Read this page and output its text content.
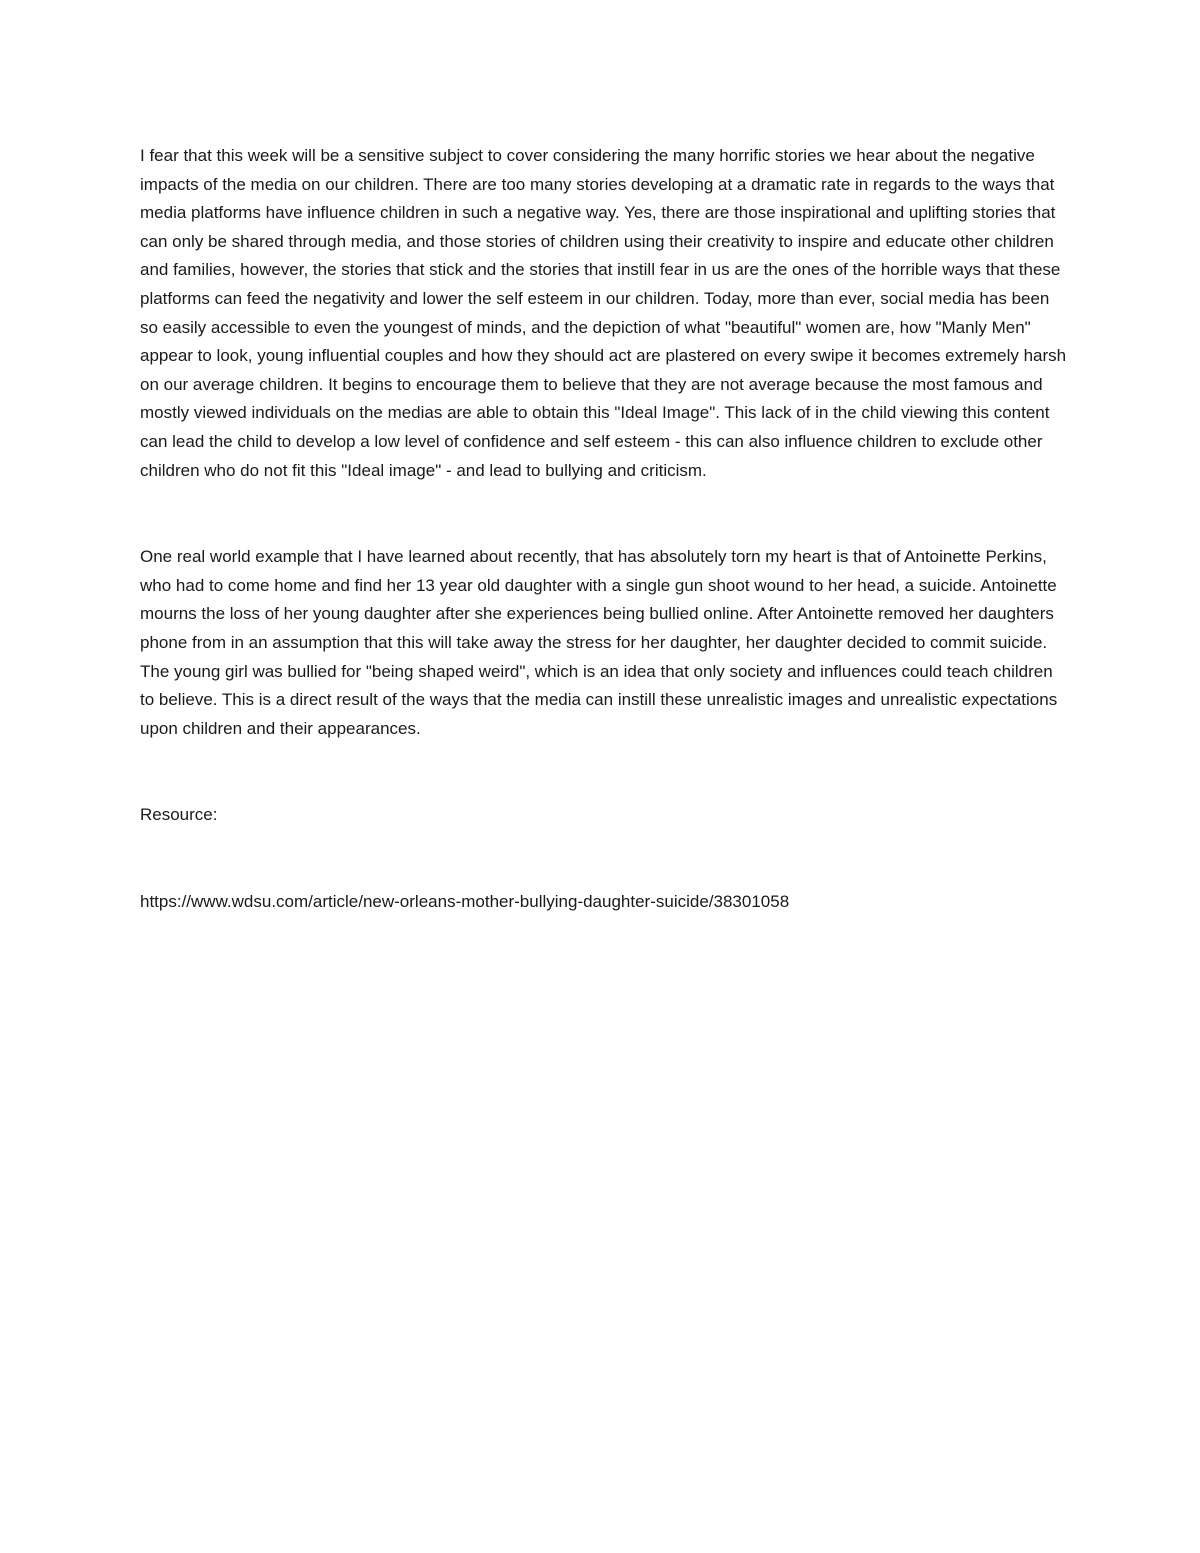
I fear that this week will be a sensitive subject to cover considering the many horrific stories we hear about the negative impacts of the media on our children. There are too many stories developing at a dramatic rate in regards to the ways that media platforms have influence children in such a negative way. Yes, there are those inspirational and uplifting stories that can only be shared through media, and those stories of children using their creativity to inspire and educate other children and families, however, the stories that stick and the stories that instill fear in us are the ones of the horrible ways that these platforms can feed the negativity and lower the self esteem in our children. Today, more than ever, social media has been so easily accessible to even the youngest of minds, and the depiction of what "beautiful" women are, how "Manly Men" appear to look, young influential couples and how they should act are plastered on every swipe it becomes extremely harsh on our average children. It begins to encourage them to believe that they are not average because the most famous and mostly viewed individuals on the medias are able to obtain this "Ideal Image". This lack of in the child viewing this content can lead the child to develop a low level of confidence and self esteem - this can also influence children to exclude other children who do not fit this "Ideal image" - and lead to bullying and criticism.

One real world example that I have learned about recently, that has absolutely torn my heart is that of Antoinette Perkins, who had to come home and find her 13 year old daughter with a single gun shoot wound to her head, a suicide. Antoinette mourns the loss of her young daughter after she experiences being bullied online. After Antoinette removed her daughters phone from in an assumption that this will take away the stress for her daughter, her daughter decided to commit suicide. The young girl was bullied for "being shaped weird", which is an idea that only society and influences could teach children to believe. This is a direct result of the ways that the media can instill these unrealistic images and unrealistic expectations upon children and their appearances.

Resource:

https://www.wdsu.com/article/new-orleans-mother-bullying-daughter-suicide/38301058
